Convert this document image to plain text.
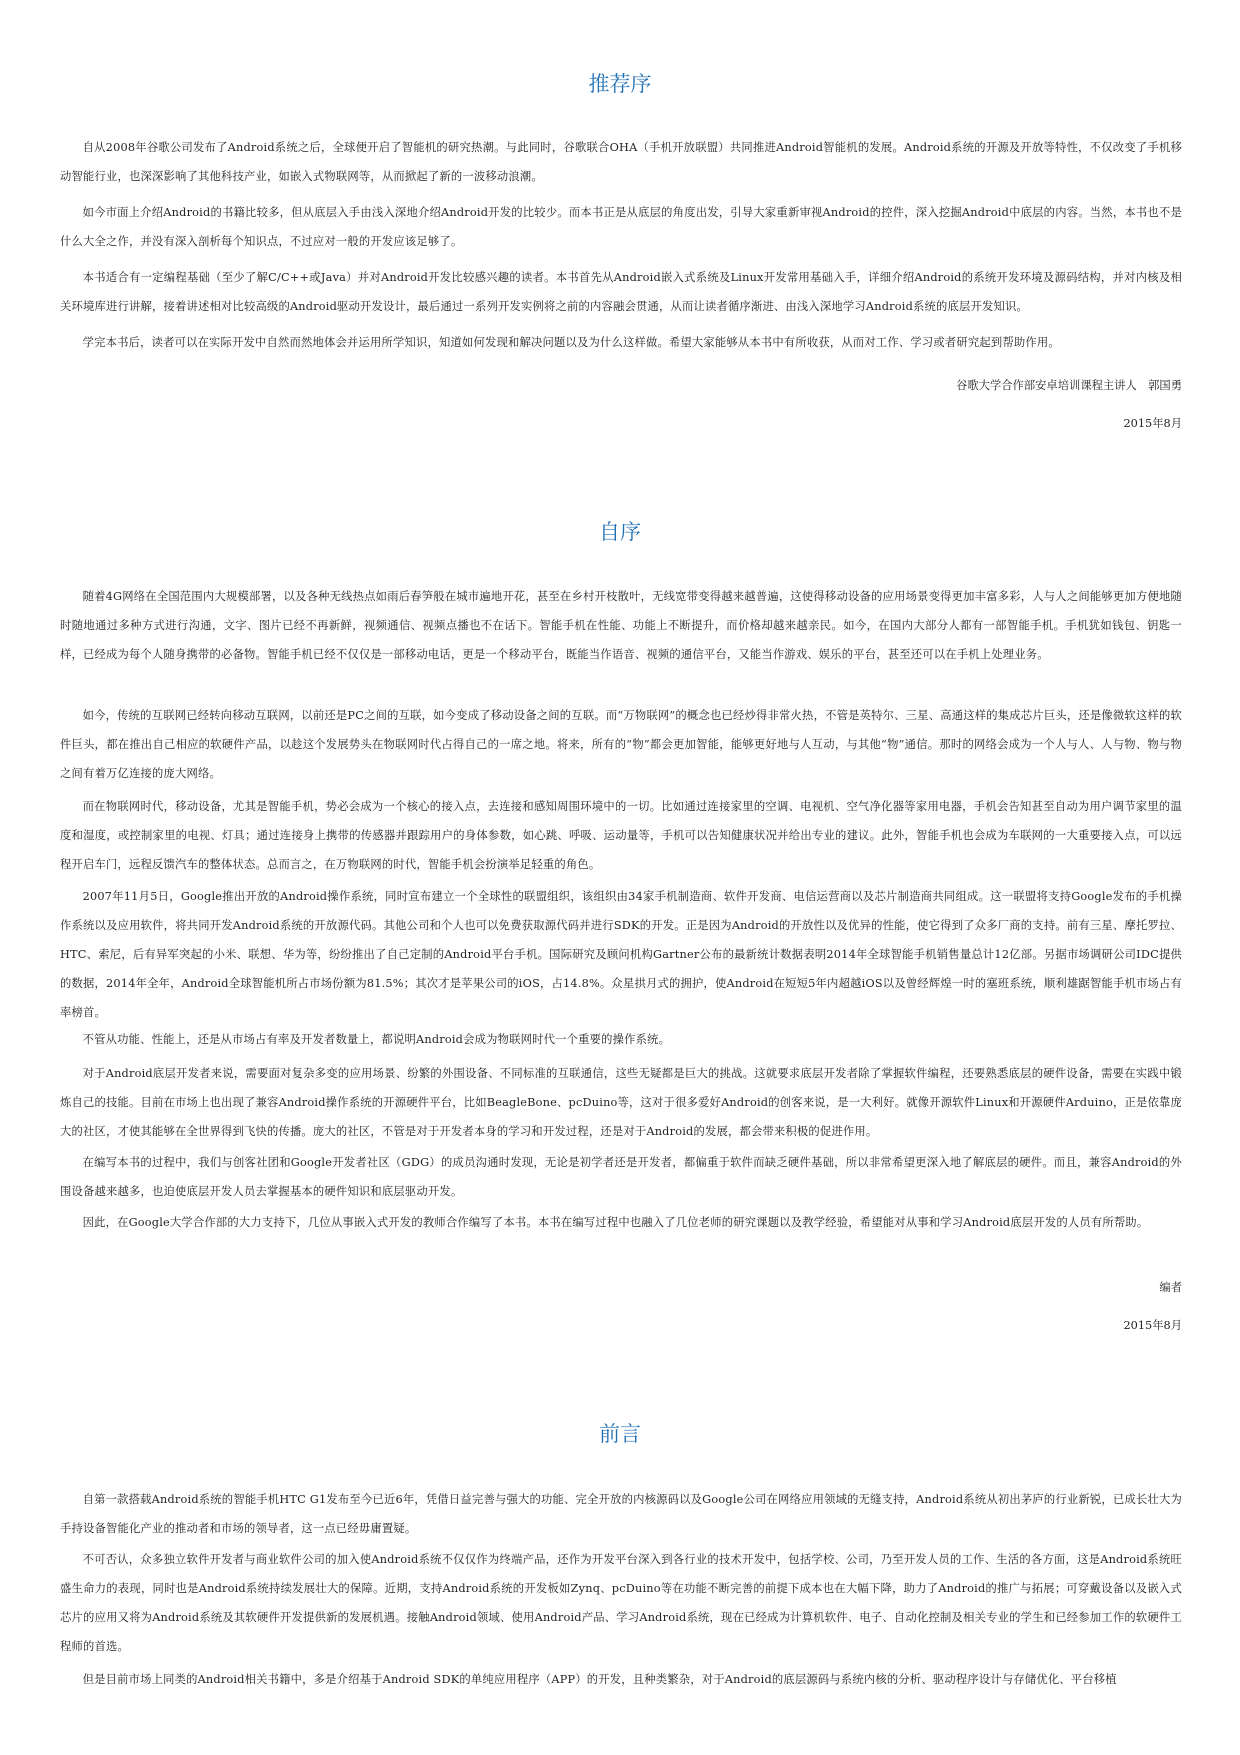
推荐序

自从2008年谷歌公司发布了Android系统之后，全球便开启了智能机的研究热潮。与此同时，谷歌联合OHA（手机开放联盟）共同推进Android智能机的发展。Android系统的开源及开放等特性，不仅改变了手机移动智能行业，也深深影响了其他科技产业，如嵌入式物联网等，从而掀起了新的一波移动浪潮。

如今市面上介绍Android的书籍比较多，但从底层入手由浅入深地介绍Android开发的比较少。而本书正是从底层的角度出发，引导大家重新审视Android的控件，深入挖掘Android中底层的内容。当然，本书也不是什么大全之作，并没有深入剖析每个知识点，不过应对一般的开发应该足够了。

本书适合有一定编程基础（至少了解C/C++或Java）并对Android开发比较感兴趣的读者。本书首先从Android嵌入式系统及Linux开发常用基础入手，详细介绍Android的系统开发环境及源码结构，并对内核及相关环境库进行讲解，接着讲述相对比较高级的Android驱动开发设计，最后通过一系列开发实例将之前的内容融会贯通，从而让读者循序渐进、由浅入深地学习Android系统的底层开发知识。

学完本书后，读者可以在实际开发中自然而然地体会并运用所学知识，知道如何发现和解决问题以及为什么这样做。希望大家能够从本书中有所收获，从而对工作、学习或者研究起到帮助作用。

谷歌大学合作部安卓培训课程主讲人　郭国勇
2015年8月
自序

随着4G网络在全国范围内大规模部署，以及各种无线热点如雨后春笋般在城市遍地开花，甚至在乡村开枝散叶，无线宽带变得越来越普遍，这使得移动设备的应用场景变得更加丰富多彩，人与人之间能够更加方便地随时随地通过多种方式进行沟通，文字、图片已经不再新鲜，视频通信、视频点播也不在话下。智能手机在性能、功能上不断提升，而价格却越来越亲民。如今，在国内大部分人都有一部智能手机。手机犹如钱包、钥匙一样，已经成为每个人随身携带的必备物。智能手机已经不仅仅是一部移动电话，更是一个移动平台，既能当作语音、视频的通信平台，又能当作游戏、娱乐的平台，甚至还可以在手机上处理业务。

如今，传统的互联网已经转向移动互联网，以前还是PC之间的互联，如今变成了移动设备之间的互联。而“万物联网”的概念也已经炒得非常火热，不管是英特尔、三星、高通这样的集成芯片巨头，还是像微软这样的软件巨头，都在推出自己相应的软硬件产品，以趁这个发展势头在物联网时代占得自己的一席之地。将来，所有的“物”都会更加智能，能够更好地与人互动，与其他“物”通信。那时的网络会成为一个人与人、人与物、物与物之间有着万亿连接的庞大网络。

而在物联网时代，移动设备，尤其是智能手机，势必会成为一个核心的接入点，去连接和感知周围环境中的一切。比如通过连接家里的空调、电视机、空气净化器等家用电器，手机会告知甚至自动为用户调节家里的温度和湿度，或控制家里的电视、灯具；通过连接身上携带的传感器并跟踪用户的身体参数，如心跳、呼吸、运动量等，手机可以告知健康状况并给出专业的建议。此外，智能手机也会成为车联网的一大重要接入点，可以远程开启车门，远程反馈汽车的整体状态。总而言之，在万物联网的时代，智能手机会扮演举足轻重的角色。

2007年11月5日，Google推出开放的Android操作系统，同时宣布建立一个全球性的联盟组织，该组织由34家手机制造商、软件开发商、电信运营商以及芯片制造商共同组成。这一联盟将支持Google发布的手机操作系统以及应用软件，将共同开发Android系统的开放源代码。其他公司和个人也可以免费获取源代码并进行SDK的开发。正是因为Android的开放性以及优异的性能，使它得到了众多厂商的支持。前有三星、摩托罗拉、HTC、索尼，后有异军突起的小米、联想、华为等，纷纷推出了自己定制的Android平台手机。国际研究及顾问机构Gartner公布的最新统计数据表明2014年全球智能手机销售量总计12亿部。另据市场调研公司IDC提供的数据，2014年全年，Android全球智能机所占市场份额为81.5%；其次才是苹果公司的iOS，占14.8%。众星拱月式的拥护，使Android在短短5年内超越iOS以及曾经辉煌一时的塞班系统，顺利雄踞智能手机市场占有率榜首。

不管从功能、性能上，还是从市场占有率及开发者数量上，都说明Android会成为物联网时代一个重要的操作系统。

对于Android底层开发者来说，需要面对复杂多变的应用场景、纷繁的外围设备、不同标准的互联通信，这些无疑都是巨大的挑战。这就要求底层开发者除了掌握软件编程，还要熟悉底层的硬件设备，需要在实践中锻炼自己的技能。目前在市场上也出现了兼容Android操作系统的开源硬件平台，比如BeagleBone、pcDuino等，这对于很多爱好Android的创客来说，是一大利好。就像开源软件Linux和开源硬件Arduino，正是依靠庞大的社区，才使其能够在全世界得到飞快的传播。庞大的社区，不管是对于开发者本身的学习和开发过程，还是对于Android的发展，都会带来积极的促进作用。

在编写本书的过程中，我们与创客社团和Google开发者社区（GDG）的成员沟通时发现，无论是初学者还是开发者，都偏重于软件而缺乏硬件基础，所以非常希望更深入地了解底层的硬件。而且，兼容Android的外围设备越来越多，也迫使底层开发人员去掌握基本的硬件知识和底层驱动开发。

因此，在Google大学合作部的大力支持下，几位从事嵌入式开发的教师合作编写了本书。本书在编写过程中也融入了几位老师的研究课题以及教学经验，希望能对从事和学习Android底层开发的人员有所帮助。

编者
2015年8月
前言

自第一款搭载Android系统的智能手机HTC G1发布至今已近6年，凭借日益完善与强大的功能、完全开放的内核源码以及Google公司在网络应用领域的无缝支持，Android系统从初出茅庐的行业新锐，已成长壮大为手持设备智能化产业的推动者和市场的领导者，这一点已经毋庸置疑。

不可否认，众多独立软件开发者与商业软件公司的加入使Android系统不仅仅作为终端产品，还作为开发平台深入到各行业的技术开发中，包括学校、公司，乃至开发人员的工作、生活的各方面，这是Android系统旺盛生命力的表现，同时也是Android系统持续发展壮大的保障。近期，支持Android系统的开发板如Zynq、pcDuino等在功能不断完善的前提下成本也在大幅下降，助力了Android的推广与拓展；可穿戴设备以及嵌入式芯片的应用又将为Android系统及其软硬件开发提供新的发展机遇。接触Android领域、使用Android产品、学习Android系统，现在已经成为计算机软件、电子、自动化控制及相关专业的学生和已经参加工作的软硬件工程师的首选。

但是目前市场上同类的Android相关书籍中，多是介绍基于Android SDK的单纯应用程序（APP）的开发，且种类繁杂，对于Android的底层源码与系统内核的分析、驱动程序设计与存储优化、平台移植
